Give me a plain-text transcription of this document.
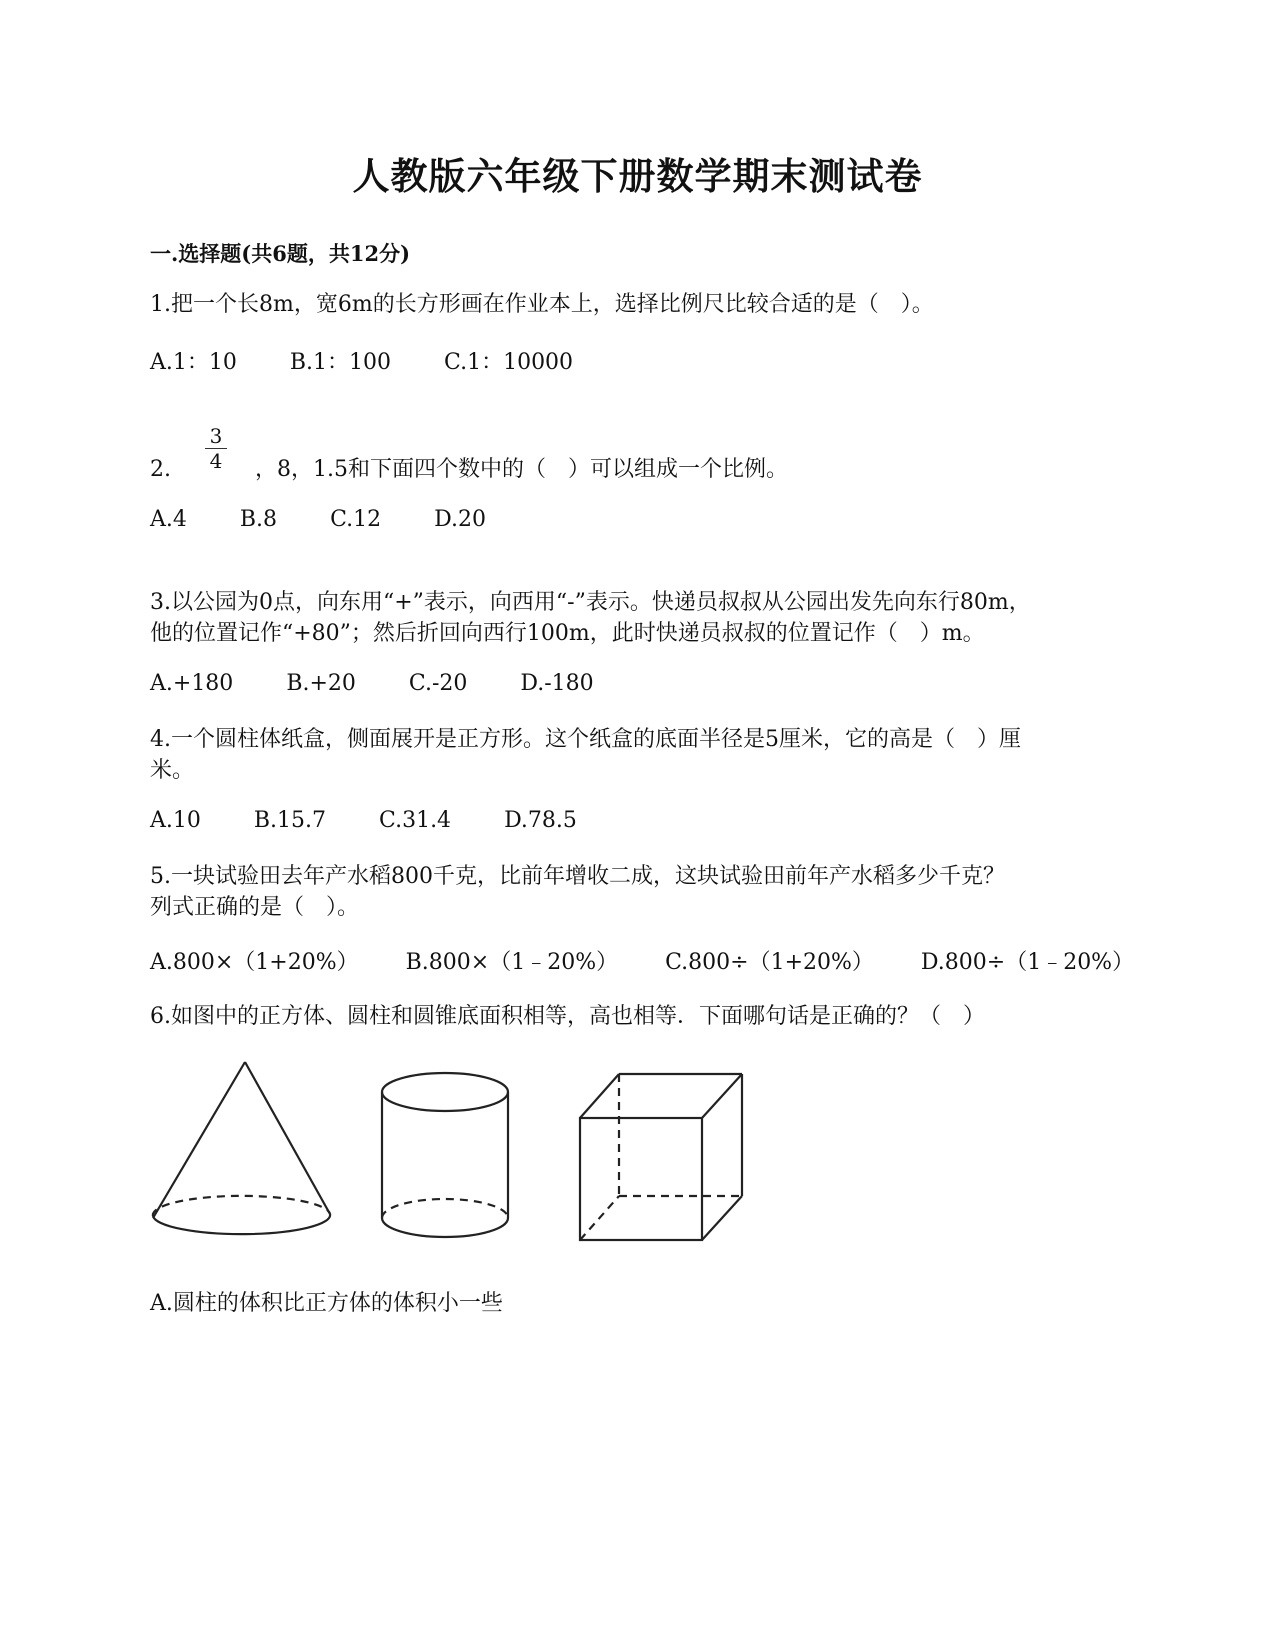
人教版六年级下册数学期末测试卷
一.选择题(共6题，共12分)
1.把一个长8m，宽6m的长方形画在作业本上，选择比例尺比较合适的是（　）。
A.1：10 B.1：100 C.1：10000
3
4
2.	，8，1.5和下面四个数中的（　）可以组成一个比例。
A.4 B.8 C.12 D.20
3.以公园为0点，向东用“+”表示，向西用“-”表示。快递员叔叔从公园出发先向东行80m，
他的位置记作“+80”；然后折回向西行100m，此时快递员叔叔的位置记作（　）m。
A.+180 B.+20 C.-20 D.-180
4.一个圆柱体纸盒，侧面展开是正方形。这个纸盒的底面半径是5厘米，它的高是（　）厘
米。
A.10 B.15.7 C.31.4 D.78.5
5.一块试验田去年产水稻800千克，比前年增收二成，这块试验田前年产水稻多少千克？
列式正确的是（　）。
A.800×（1+20%） B.800×（1﹣20%） C.800÷（1+20%） D.800÷（1﹣20%）
6.如图中的正方体、圆柱和圆锥底面积相等，高也相等．下面哪句话是正确的？（　）
A.圆柱的体积比正方体的体积小一些
